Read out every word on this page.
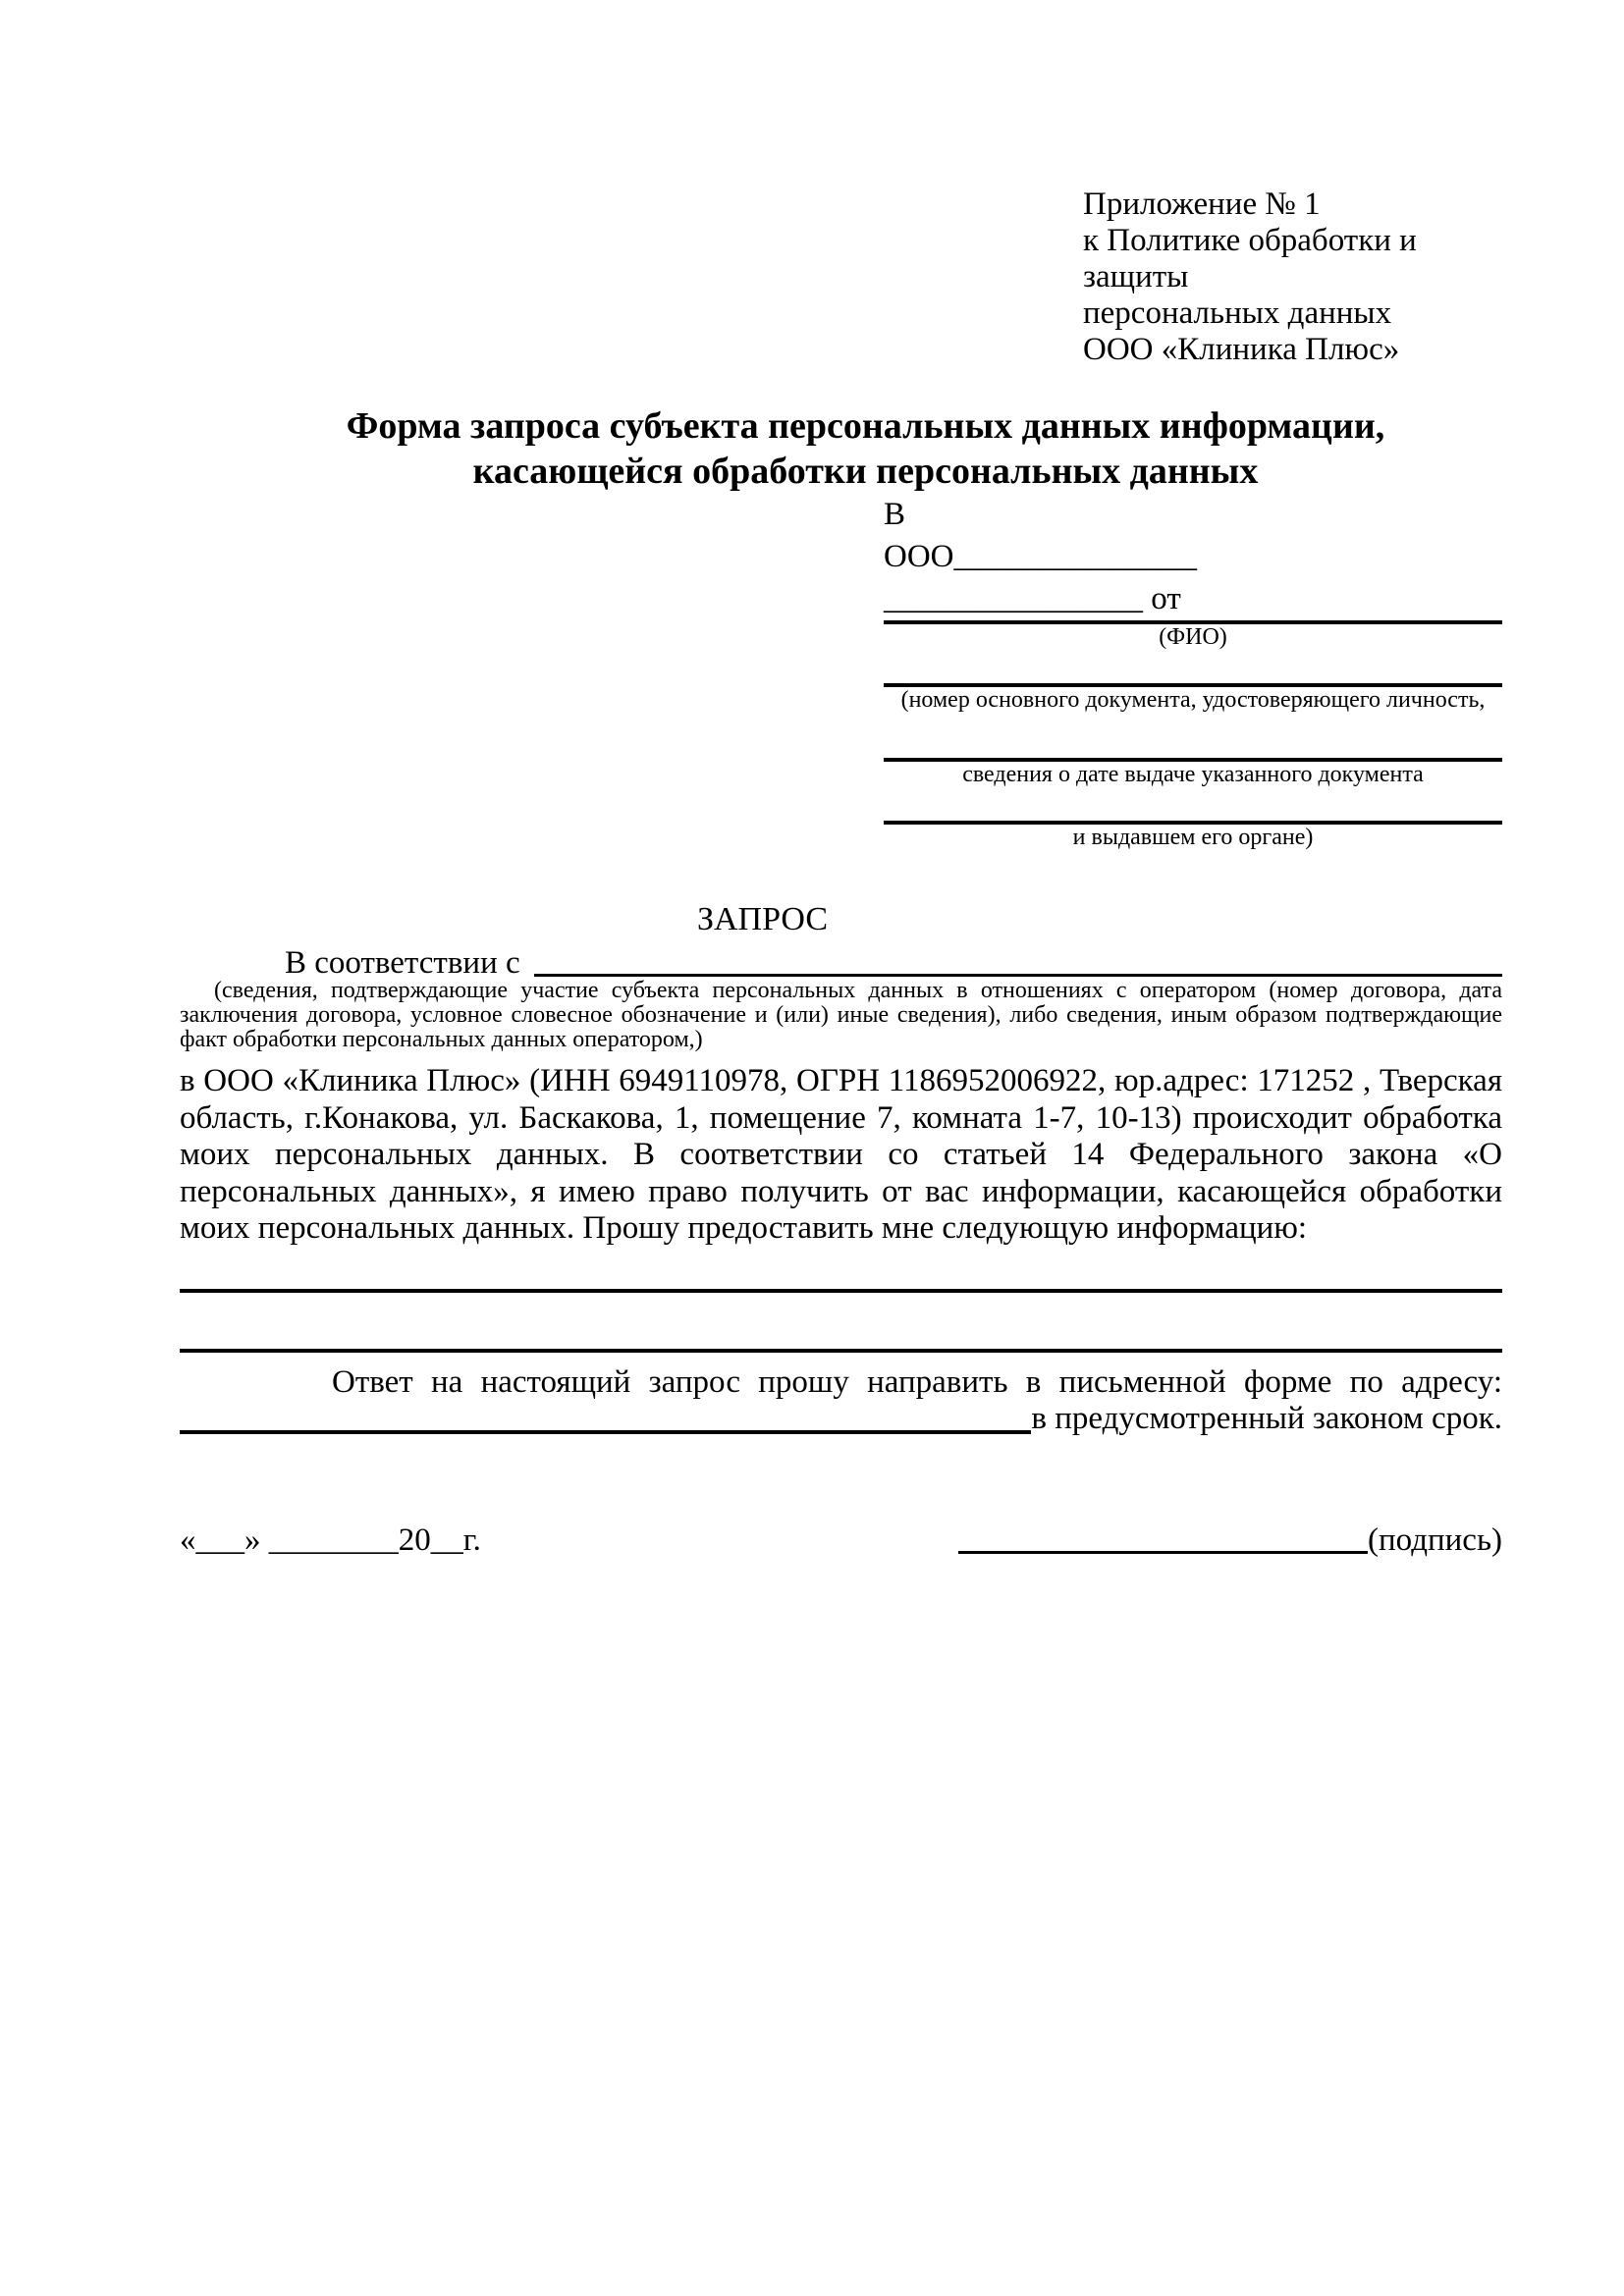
Приложение № 1
к Политике обработки и защиты
персональных данных
ООО «Клиника Плюс»
Форма запроса субъекта персональных данных информации,
касающейся обработки персональных данных
В
ООО_______________
________________ от
(ФИО)
(номер основного документа, удостоверяющего личность,
сведения о дате выдаче указанного документа
и выдавшем его органе)
ЗАПРОС
В соответствии с

(сведения, подтверждающие участие субъекта персональных данных в отношениях с оператором (номер договора, дата заключения договора, условное словесное обозначение и (или) иные сведения), либо сведения, иным образом подтверждающие факт обработки персональных данных оператором,)

в ООО «Клиника Плюс» (ИНН 6949110978, ОГРН 1186952006922, юр.адрес: 171252 , Тверская область, г.Конакова, ул. Баскакова, 1, помещение 7, комната 1-7, 10-13) происходит обработка моих персональных данных. В соответствии со статьей 14 Федерального закона «О персональных данных», я имею право получить от вас информации, касающейся обработки моих персональных данных. Прошу предоставить мне следующую информацию:

Ответ на настоящий запрос прошу направить в письменной форме по адресу:

в предусмотренный законом срок.
«___» ________20__г.	(подпись)
